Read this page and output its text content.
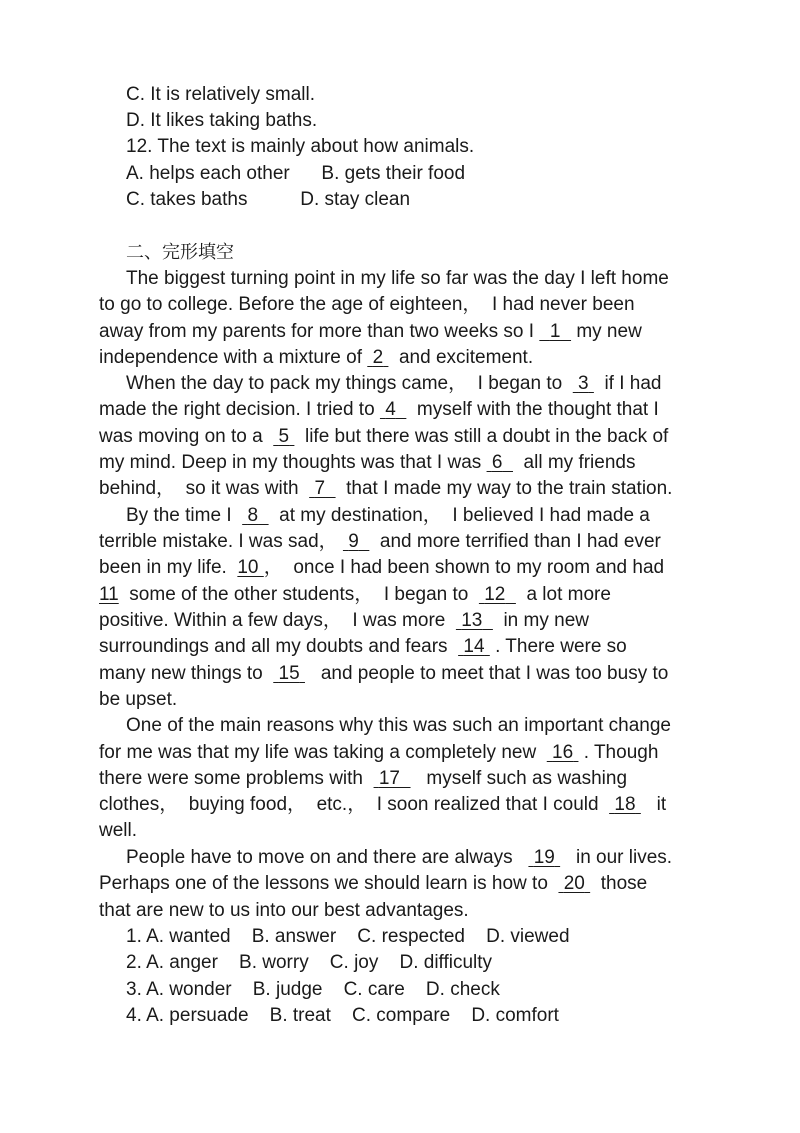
C. It is relatively small.
D. It likes taking baths.
12. The text is mainly about how animals.
A. helps each other      B. gets their food
C. takes baths          D. stay clean
二、完形填空
The biggest turning point in my life so far was the day I left home
to go to college. Before the age of eighteen，  I had never been
away from my parents for more than two weeks so I 1 my new
independence with a mixture of 2 and excitement.
When the day to pack my things came，  I began to 3 if I had
made the right decision. I tried to 4 myself with the thought that I
was moving on to a 5 life but there was still a doubt in the back of
my mind. Deep in my thoughts was that I was 6 all my friends
behind，  so it was with 7 that I made my way to the train station.
By the time I 8 at my destination，  I believed I had made a
terrible mistake. I was sad， 9 and more terrified than I had ever
been in my life. 10 ，  once I had been shown to my room and had
11 some of the other students，  I began to 12 a lot more
positive. Within a few days，  I was more 13 in my new
surroundings and all my doubts and fears 14 . There were so
many new things to 15 and people to meet that I was too busy to
be upset.
One of the main reasons why this was such an important change
for me was that my life was taking a completely new 16 . Though
there were some problems with 17 myself such as washing
clothes，  buying food，  etc.，  I soon realized that I could 18 it
well.
People have to move on and there are always 19 in our lives.
Perhaps one of the lessons we should learn is how to 20 those
that are new to us into our best advantages.
1. A. wanted    B. answer    C. respected    D. viewed
2. A. anger    B. worry    C. joy    D. difficulty
3. A. wonder    B. judge    C. care    D. check
4. A. persuade    B. treat    C. compare    D. comfort
